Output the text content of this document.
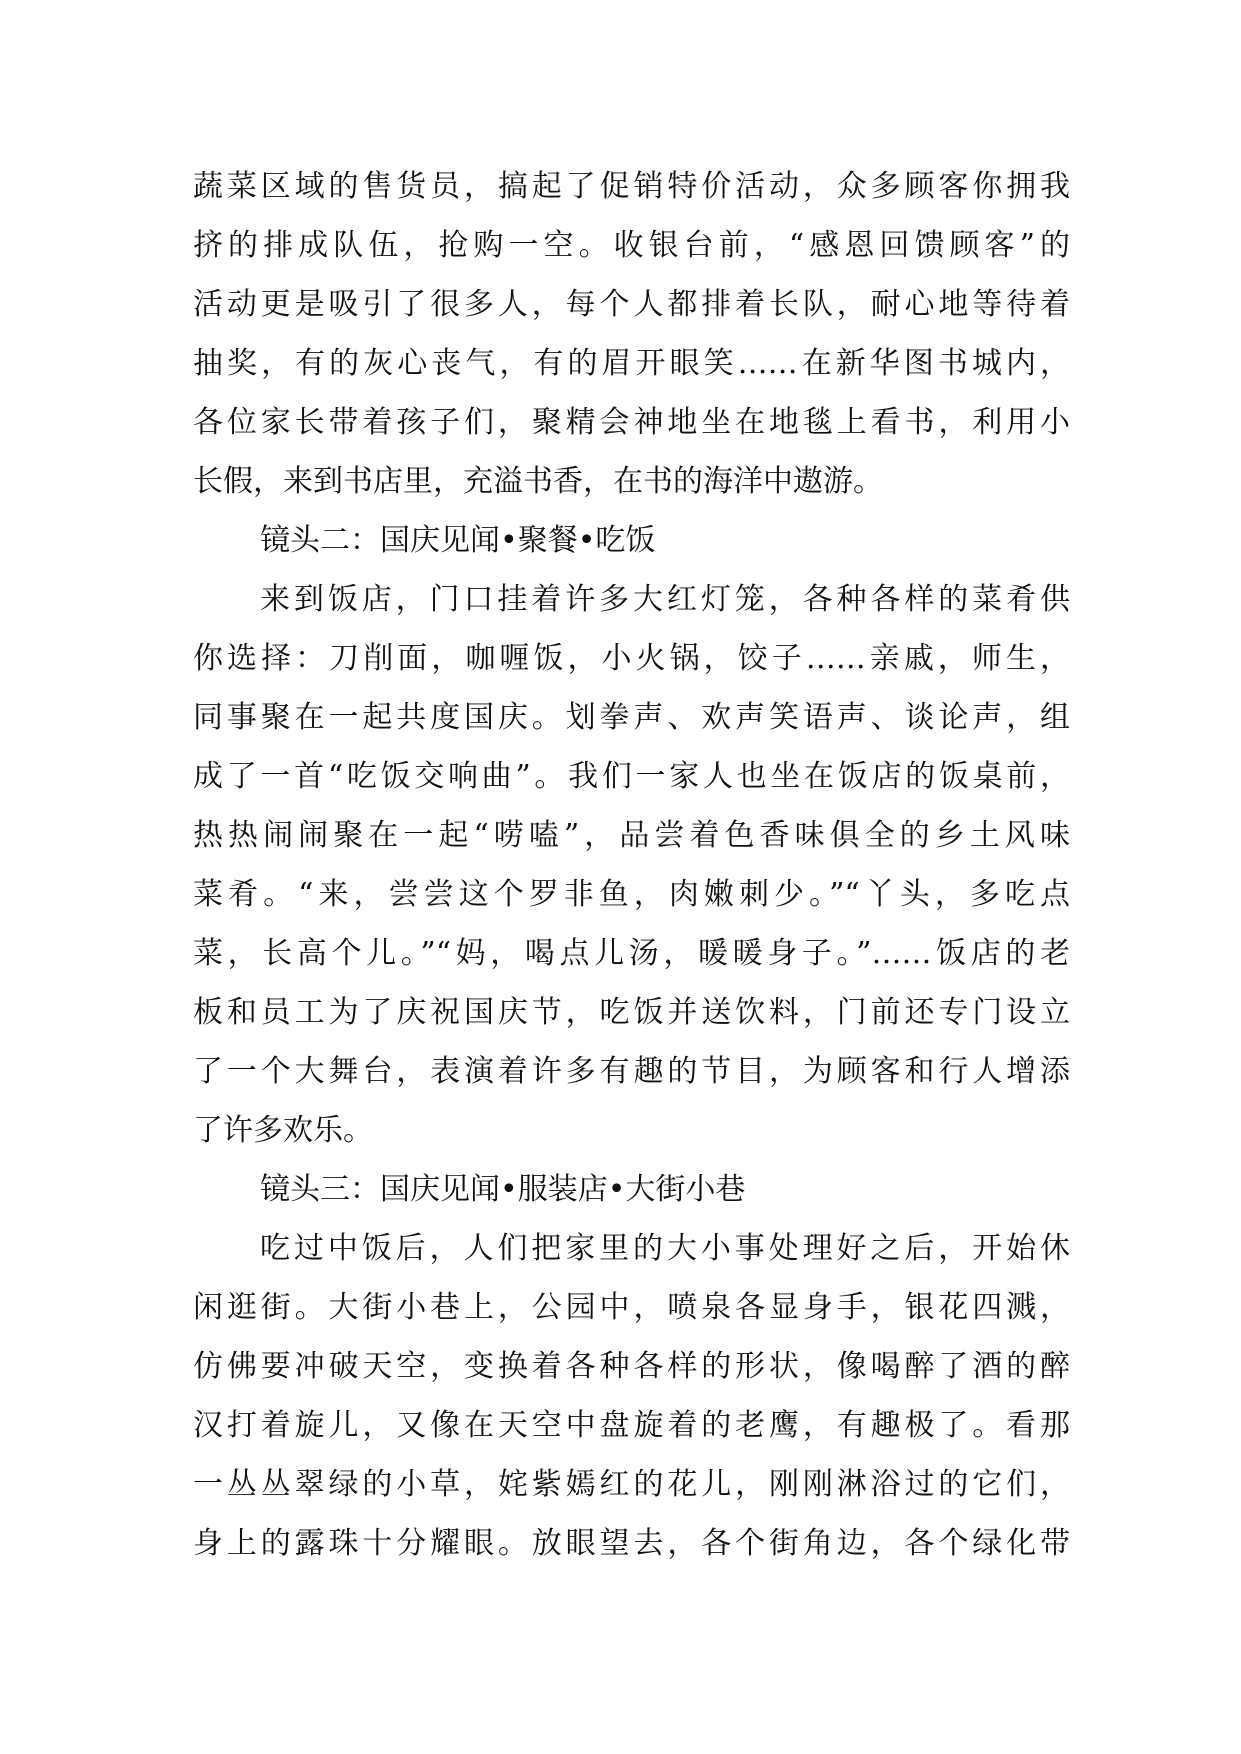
蔬菜区域的售货员，搞起了促销特价活动，众多顾客你拥我
挤的排成队伍，抢购一空。收银台前，“感恩回馈顾客”的
活动更是吸引了很多人，每个人都排着长队，耐心地等待着
抽奖，有的灰心丧气，有的眉开眼笑……在新华图书城内，
各位家长带着孩子们，聚精会神地坐在地毯上看书，利用小
长假，来到书店里，充溢书香，在书的海洋中遨游。

镜头二：国庆见闻•聚餐•吃饭

来到饭店，门口挂着许多大红灯笼，各种各样的菜肴供
你选择：刀削面，咖喱饭，小火锅，饺子……亲戚，师生，
同事聚在一起共度国庆。划拳声、欢声笑语声、谈论声，组
成了一首“吃饭交响曲”。我们一家人也坐在饭店的饭桌前，
热热闹闹聚在一起“唠嗑”，品尝着色香味俱全的乡土风味
菜肴。“来，尝尝这个罗非鱼，肉嫩刺少。”“丫头，多吃点
菜，长高个儿。”“妈，喝点儿汤，暖暖身子。”……饭店的老
板和员工为了庆祝国庆节，吃饭并送饮料，门前还专门设立
了一个大舞台，表演着许多有趣的节目，为顾客和行人增添
了许多欢乐。

镜头三：国庆见闻•服装店•大街小巷

吃过中饭后，人们把家里的大小事处理好之后，开始休
闲逛街。大街小巷上，公园中，喷泉各显身手，银花四溅，
仿佛要冲破天空，变换着各种各样的形状，像喝醉了酒的醉
汉打着旋儿，又像在天空中盘旋着的老鹰，有趣极了。看那
一丛丛翠绿的小草，姹紫嫣红的花儿，刚刚淋浴过的它们，
身上的露珠十分耀眼。放眼望去，各个街角边，各个绿化带
